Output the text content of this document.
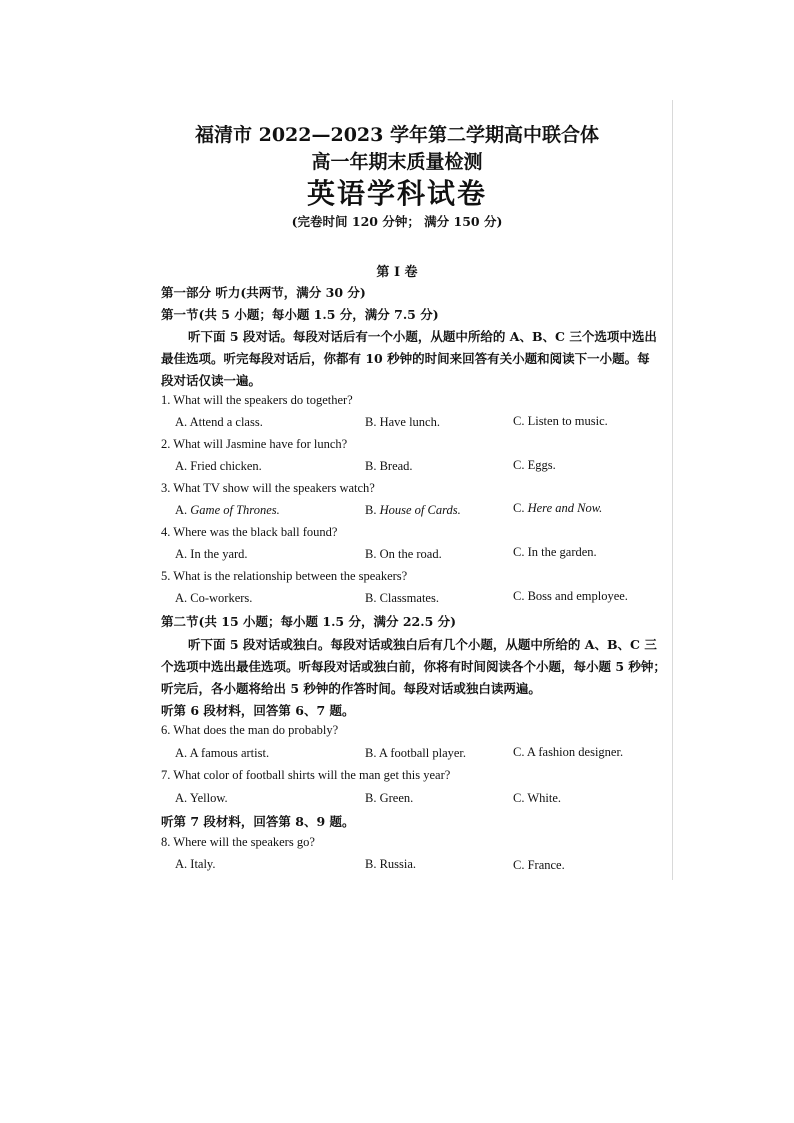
福清市 2022—2023 学年第二学期高中联合体
高一年期末质量检测
英语学科试卷
(完卷时间 120 分钟； 满分 150 分)
第 I 卷
第一部分 听力(共两节，满分 30 分)
第一节(共 5 小题；每小题 1.5 分，满分 7.5 分)
听下面 5 段对话。每段对话后有一个小题，从题中所给的 A、B、C 三个选项中选出
最佳选项。听完每段对话后，你都有 10 秒钟的时间来回答有关小题和阅读下一小题。每
段对话仅读一遍。
1. What will the speakers do together?
A. Attend a class.	B. Have lunch.	C. Listen to music.
2. What will Jasmine have for lunch?
A. Fried chicken.	B. Bread.	C. Eggs.
3. What TV show will the speakers watch?
A. Game of Thrones.	B. House of Cards.	C. Here and Now.
4. Where was the black ball found?
A. In the yard.	B. On the road.	C. In the garden.
5. What is the relationship between the speakers?
A. Co-workers.	B. Classmates.	C. Boss and employee.
第二节(共 15 小题；每小题 1.5 分，满分 22.5 分)
听下面 5 段对话或独白。每段对话或独白后有几个小题，从题中所给的 A、B、C 三
个选项中选出最佳选项。听每段对话或独白前，你将有时间阅读各个小题，每小题 5 秒钟；
听完后，各小题将给出 5 秒钟的作答时间。每段对话或独白读两遍。
听第 6 段材料，回答第 6、7 题。
6. What does the man do probably?
A. A famous artist.	B. A football player.	C. A fashion designer.
7. What color of football shirts will the man get this year?
A. Yellow.	B. Green.	C. White.
听第 7 段材料，回答第 8、9 题。
8. Where will the speakers go?
A. Italy.	B. Russia.	C. France.
